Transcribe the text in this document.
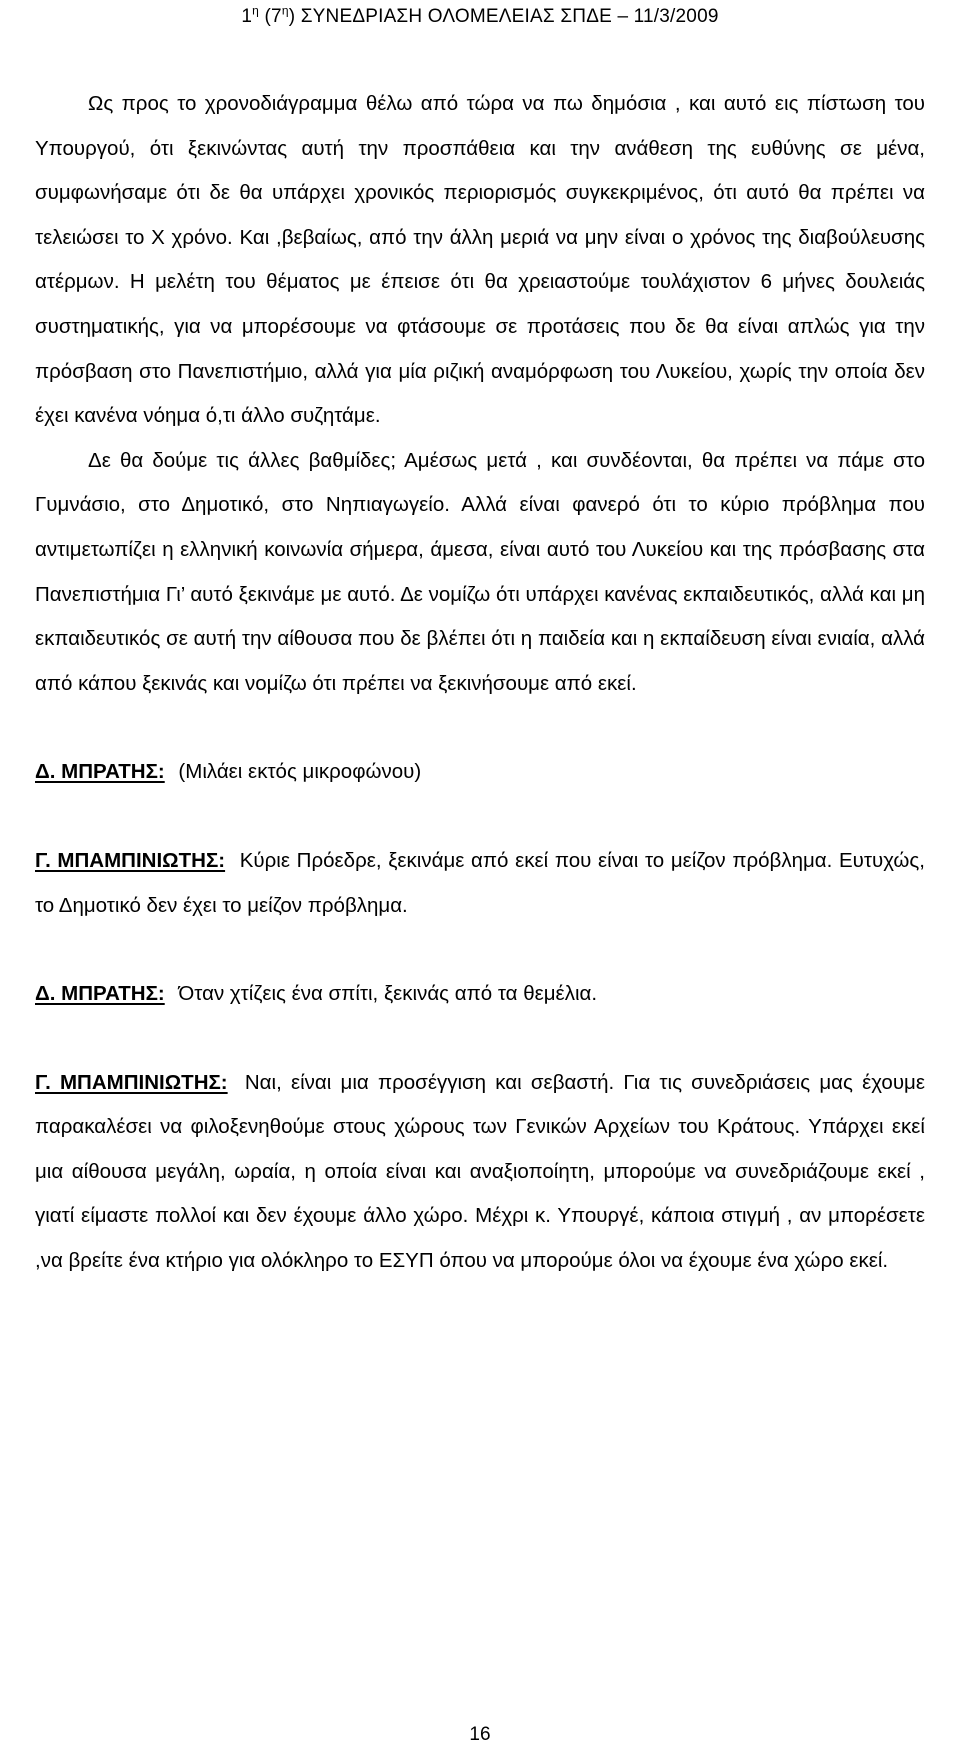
$1^\eta$ $(7^\eta)$ ΣΥΝΕΔΡΙΑΣΗ ΟΛΟΜΕΛΕΙΑΣ ΣΠΔΕ – 11/3/2009

Ως προς το χρονοδιάγραμμα θέλω από τώρα να πω δημόσια , και αυτό εις πίστωση του Υπουργού, ότι ξεκινώντας αυτή την προσπάθεια και την ανάθεση της ευθύνης σε μένα, συμφωνήσαμε ότι δε θα υπάρχει χρονικός περιορισμός συγκεκριμένος, ότι αυτό θα πρέπει να τελειώσει το Χ χρόνο. Και ,βεβαίως, από την άλλη μεριά να μην είναι ο χρόνος της διαβούλευσης ατέρμων. Η μελέτη του θέματος με έπεισε ότι θα χρειαστούμε τουλάχιστον 6 μήνες δουλειάς συστηματικής, για να μπορέσουμε να φτάσουμε σε προτάσεις που δε θα είναι απλώς για την πρόσβαση στο Πανεπιστήμιο, αλλά για μία ριζική αναμόρφωση του Λυκείου, χωρίς την οποία δεν έχει κανένα νόημα ό,τι άλλο συζητάμε.

Δε θα δούμε τις άλλες βαθμίδες; Αμέσως μετά , και συνδέονται, θα πρέπει να πάμε στο Γυμνάσιο, στο Δημοτικό, στο Νηπιαγωγείο. Αλλά είναι φανερό ότι το κύριο πρόβλημα που αντιμετωπίζει η ελληνική κοινωνία σήμερα, άμεσα, είναι αυτό του Λυκείου και της πρόσβασης στα Πανεπιστήμια Γι’ αυτό ξεκινάμε με αυτό. Δε νομίζω ότι υπάρχει κανένας εκπαιδευτικός, αλλά και μη εκπαιδευτικός σε αυτή την αίθουσα που δε βλέπει ότι η παιδεία και η εκπαίδευση είναι ενιαία, αλλά από κάπου ξεκινάς και νομίζω ότι πρέπει να ξεκινήσουμε από εκεί.

Δ. ΜΠΡΑΤΗΣ: (Μιλάει εκτός μικροφώνου)

Γ. ΜΠΑΜΠΙΝΙΩΤΗΣ: Κύριε Πρόεδρε, ξεκινάμε από εκεί που είναι το μείζον πρόβλημα. Ευτυχώς, το Δημοτικό δεν έχει το μείζον πρόβλημα.

Δ. ΜΠΡΑΤΗΣ: Όταν χτίζεις ένα σπίτι, ξεκινάς από τα θεμέλια.

Γ. ΜΠΑΜΠΙΝΙΩΤΗΣ: Ναι, είναι μια προσέγγιση και σεβαστή. Για τις συνεδριάσεις μας έχουμε παρακαλέσει να φιλοξενηθούμε στους χώρους των Γενικών Αρχείων του Κράτους. Υπάρχει εκεί μια αίθουσα μεγάλη, ωραία, η οποία είναι και αναξιοποίητη, μπορούμε να συνεδριάζουμε εκεί , γιατί είμαστε πολλοί και δεν έχουμε άλλο χώρο. Μέχρι κ. Υπουργέ, κάποια στιγμή , αν μπορέσετε ,να βρείτε ένα κτήριο για ολόκληρο το ΕΣΥΠ όπου να μπορούμε όλοι να έχουμε ένα χώρο εκεί.

16
